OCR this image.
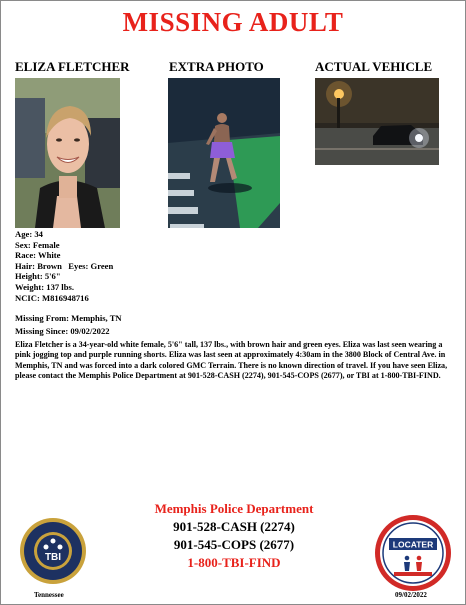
MISSING ADULT
ELIZA FLETCHER	EXTRA PHOTO	ACTUAL VEHICLE
Age: 34
Sex: Female
Race: White
Hair: Brown   Eyes: Green
Height: 5'6"
Weight: 137 lbs.
NCIC: M816948716
Missing From: Memphis, TN
Missing Since: 09/02/2022
Eliza Fletcher is a 34-year-old white female, 5'6" tall, 137 lbs., with brown hair and green eyes. Eliza was last seen wearing a pink jogging top and purple running shorts. Eliza was last seen at approximately 4:30am in the 3800 Block of Central Ave. in Memphis, TN and was forced into a dark colored GMC Terrain. There is no known direction of travel. If you have seen Eliza, please contact the Memphis Police Department at 901-528-CASH (2274), 901-545-COPS (2677), or TBI at 1-800-TBI-FIND.
Memphis Police Department
901-528-CASH (2274)
901-545-COPS (2677)
1-800-TBI-FIND
TBI
LOCATER
Tennessee	09/02/2022
